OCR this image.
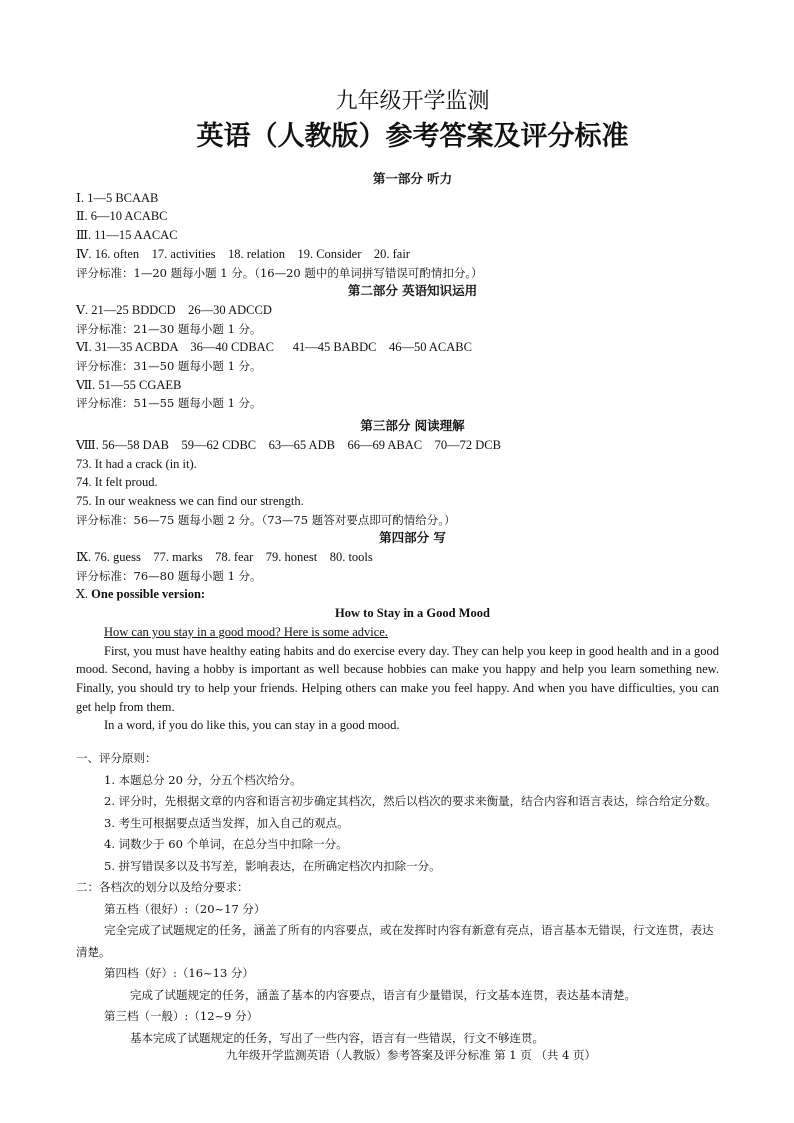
九年级开学监测
英语（人教版）参考答案及评分标准
第一部分 听力
Ⅰ. 1—5 BCAAB
Ⅱ. 6—10 ACABC
Ⅲ. 11—15 AACAC
Ⅳ. 16. often    17. activities    18. relation    19. Consider    20. fair
评分标准：1—20 题每小题 1 分。（16—20 题中的单词拼写错误可酌情扣分。）
第二部分 英语知识运用
Ⅴ. 21—25 BDDCD    26—30 ADCCD
评分标准：21—30 题每小题 1 分。
Ⅵ. 31—35 ACBDA    36—40 CDBAC      41—45 BABDC    46—50 ACABC
评分标准：31—50 题每小题 1 分。
Ⅶ. 51—55 CGAEB
评分标准：51—55 题每小题 1 分。
第三部分 阅读理解
Ⅷ. 56—58 DAB    59—62 CDBC    63—65 ADB    66—69 ABAC    70—72 DCB
73. It had a crack (in it).
74. It felt proud.
75. In our weakness we can find our strength.
评分标准：56—75 题每小题 2 分。（73—75 题答对要点即可酌情给分。）
第四部分 写
Ⅸ. 76. guess    77. marks    78. fear    79. honest    80. tools
评分标准：76—80 题每小题 1 分。
Ⅹ. One possible version:
How to Stay in a Good Mood
How can you stay in a good mood? Here is some advice.
First, you must have healthy eating habits and do exercise every day. They can help you keep in good health and in a good mood. Second, having a hobby is important as well because hobbies can make you happy and help you learn something new. Finally, you should try to help your friends. Helping others can make you feel happy. And when you have difficulties, you can get help from them.
In a word, if you do like this, you can stay in a good mood.
一、评分原则：
1. 本题总分 20 分，分五个档次给分。
2. 评分时，先根据文章的内容和语言初步确定其档次，然后以档次的要求来衡量，结合内容和语言表达，综合给定分数。
3. 考生可根据要点适当发挥，加入自己的观点。
4. 词数少于 60 个单词，在总分当中扣除一分。
5. 拼写错误多以及书写差，影响表达，在所确定档次内扣除一分。
二：各档次的划分以及给分要求：
第五档（很好）:（20~17 分）
完全完成了试题规定的任务，涵盖了所有的内容要点，或在发挥时内容有新意有亮点，语言基本无错误，行文连贯，表达清楚。
第四档（好）:（16~13 分）
完成了试题规定的任务，涵盖了基本的内容要点，语言有少量错误，行文基本连贯，表达基本清楚。
第三档（一般）:（12~9 分）
基本完成了试题规定的任务，写出了一些内容，语言有一些错误，行文不够连贯。
九年级开学监测英语（人教版）参考答案及评分标准 第 1 页 （共 4 页）
